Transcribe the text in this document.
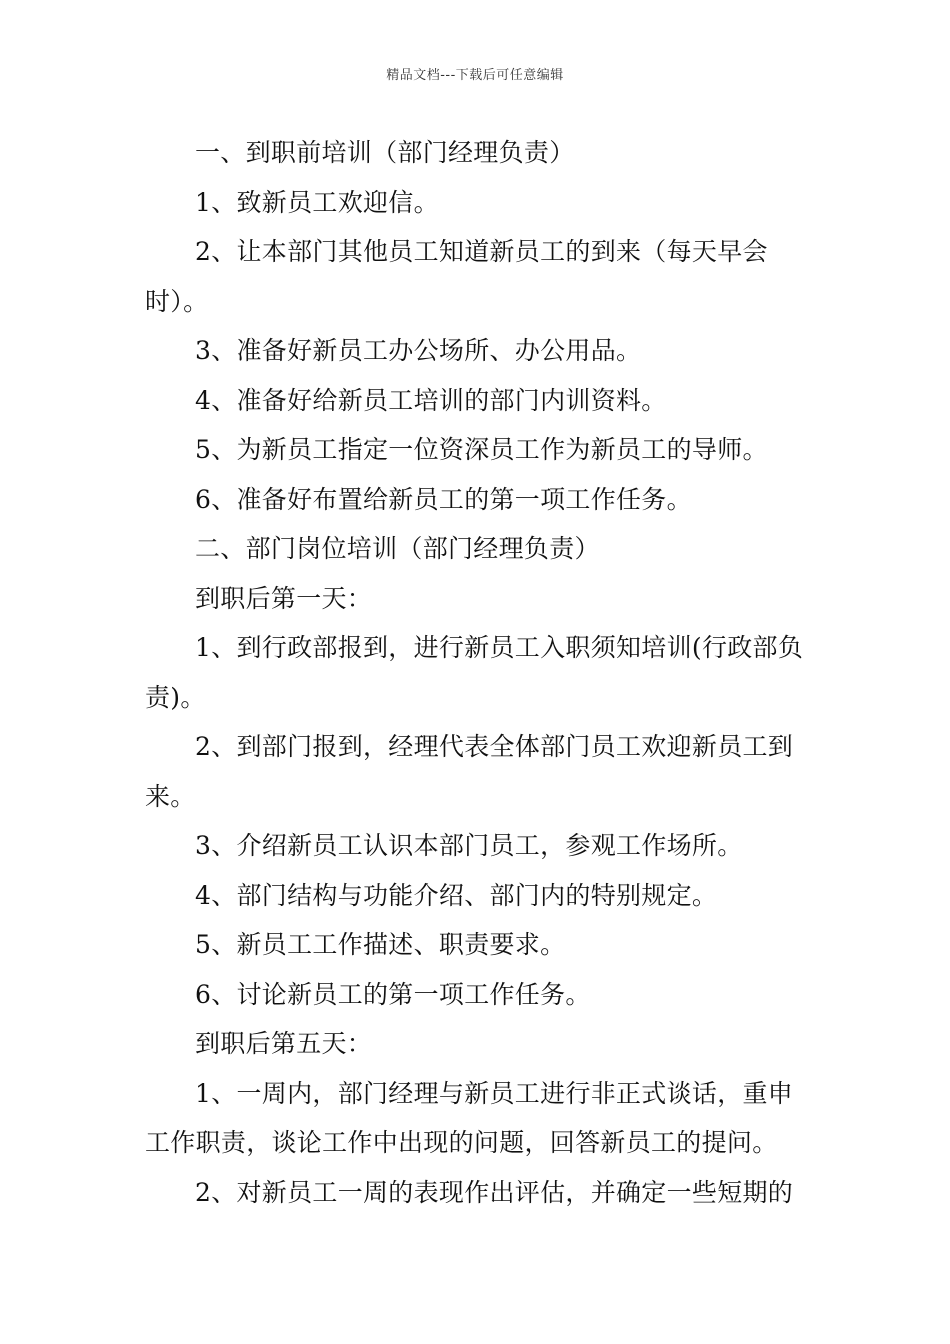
精品文档---下载后可任意编辑

一、到职前培训（部门经理负责）

1、致新员工欢迎信。

2、让本部门其他员工知道新员工的到来（每天早会时）。

3、准备好新员工办公场所、办公用品。

4、准备好给新员工培训的部门内训资料。

5、为新员工指定一位资深员工作为新员工的导师。

6、准备好布置给新员工的第一项工作任务。

二、部门岗位培训（部门经理负责）

到职后第一天：

1、到行政部报到，进行新员工入职须知培训(行政部负责)。

2、到部门报到，经理代表全体部门员工欢迎新员工到来。

3、介绍新员工认识本部门员工，参观工作场所。

4、部门结构与功能介绍、部门内的特别规定。

5、新员工工作描述、职责要求。

6、讨论新员工的第一项工作任务。

到职后第五天：

1、一周内，部门经理与新员工进行非正式谈话，重申工作职责，谈论工作中出现的问题，回答新员工的提问。

2、对新员工一周的表现作出评估，并确定一些短期的
